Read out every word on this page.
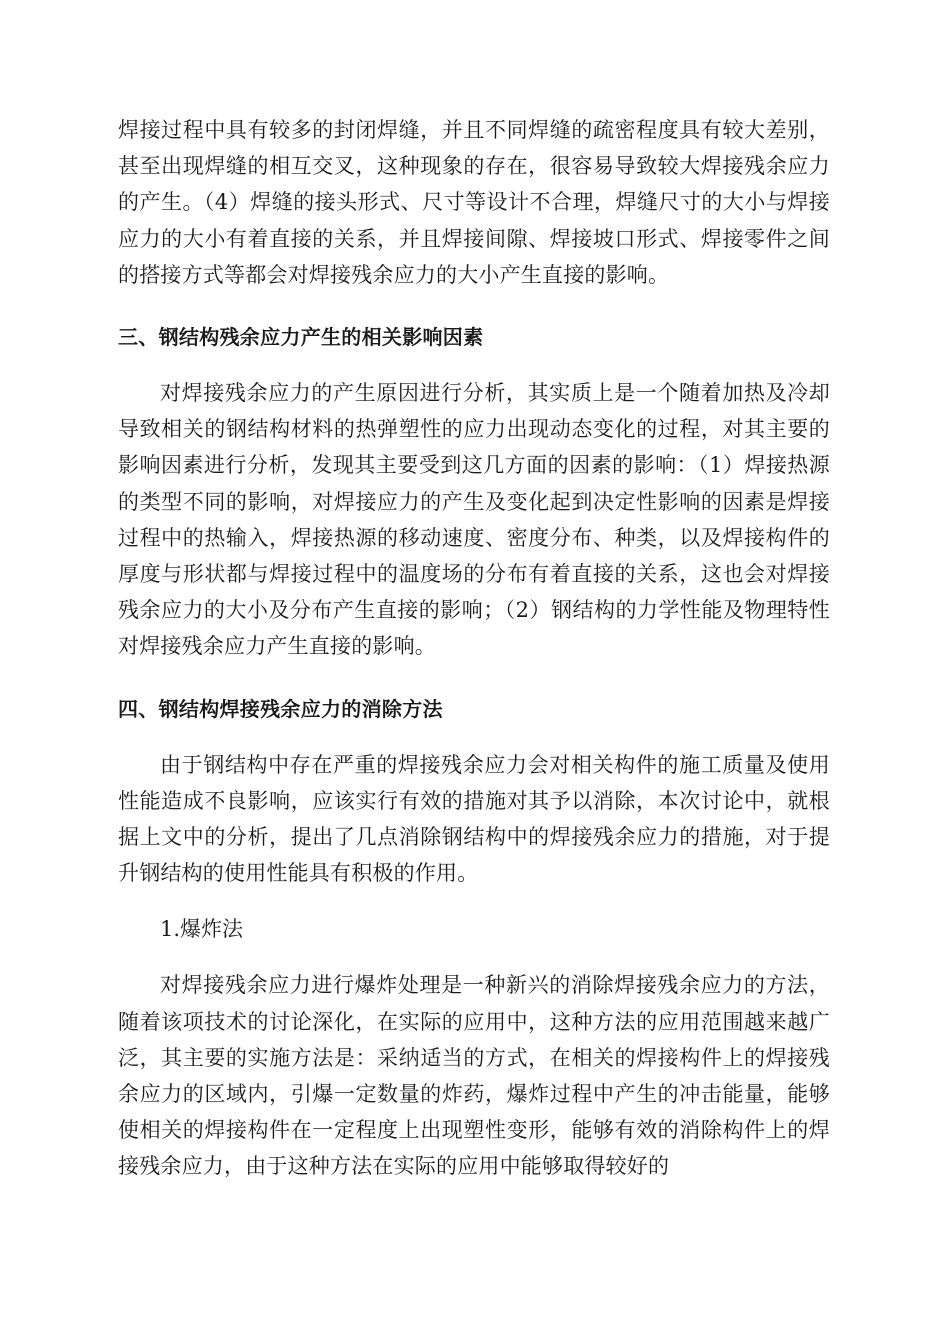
焊接过程中具有较多的封闭焊缝，并且不同焊缝的疏密程度具有较大差别，甚至出现焊缝的相互交叉，这种现象的存在，很容易导致较大焊接残余应力的产生。（4）焊缝的接头形式、尺寸等设计不合理，焊缝尺寸的大小与焊接应力的大小有着直接的关系，并且焊接间隙、焊接坡口形式、焊接零件之间的搭接方式等都会对焊接残余应力的大小产生直接的影响。

三、钢结构残余应力产生的相关影响因素

对焊接残余应力的产生原因进行分析，其实质上是一个随着加热及冷却导致相关的钢结构材料的热弹塑性的应力出现动态变化的过程，对其主要的影响因素进行分析，发现其主要受到这几方面的因素的影响：（1）焊接热源的类型不同的影响，对焊接应力的产生及变化起到决定性影响的因素是焊接过程中的热输入，焊接热源的移动速度、密度分布、种类，以及焊接构件的厚度与形状都与焊接过程中的温度场的分布有着直接的关系，这也会对焊接残余应力的大小及分布产生直接的影响；（2）钢结构的力学性能及物理特性对焊接残余应力产生直接的影响。

四、钢结构焊接残余应力的消除方法

由于钢结构中存在严重的焊接残余应力会对相关构件的施工质量及使用性能造成不良影响，应该实行有效的措施对其予以消除，本次讨论中，就根据上文中的分析，提出了几点消除钢结构中的焊接残余应力的措施，对于提升钢结构的使用性能具有积极的作用。

1.爆炸法

对焊接残余应力进行爆炸处理是一种新兴的消除焊接残余应力的方法，随着该项技术的讨论深化，在实际的应用中，这种方法的应用范围越来越广泛，其主要的实施方法是：采纳适当的方式，在相关的焊接构件上的焊接残余应力的区域内，引爆一定数量的炸药，爆炸过程中产生的冲击能量，能够使相关的焊接构件在一定程度上出现塑性变形，能够有效的消除构件上的焊接残余应力，由于这种方法在实际的应用中能够取得较好的
